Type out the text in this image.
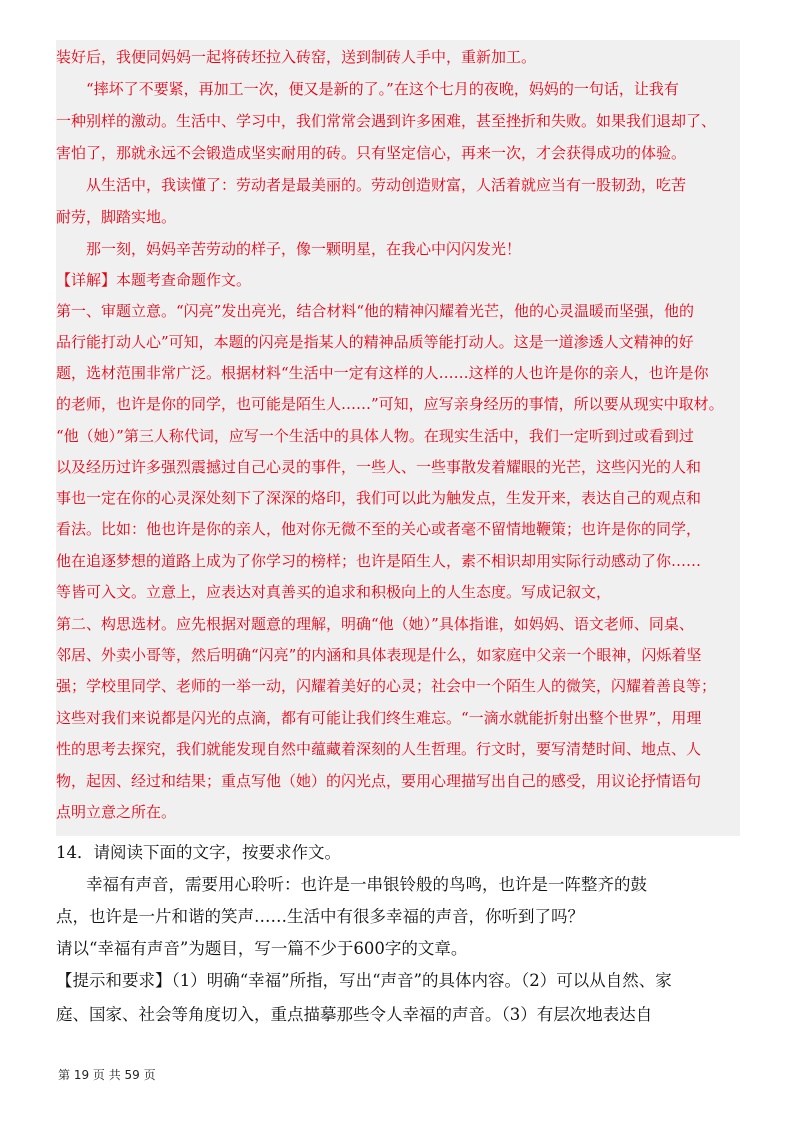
装好后，我便同妈妈一起将砖坯拉入砖窑，送到制砖人手中，重新加工。
“摔坏了不要紧，再加工一次，便又是新的了。”在这个七月的夜晚，妈妈的一句话，让我有
一种别样的激动。生活中、学习中，我们常常会遇到许多困难，甚至挫折和失败。如果我们退却了、
害怕了，那就永远不会锻造成坚实耐用的砖。只有坚定信心，再来一次，才会获得成功的体验。
从生活中，我读懂了：劳动者是最美丽的。劳动创造财富，人活着就应当有一股韧劲，吃苦
耐劳，脚踏实地。
那一刻，妈妈辛苦劳动的样子，像一颗明星，在我心中闪闪发光！
【详解】本题考查命题作文。
第一、审题立意。“闪亮”发出亮光，结合材料“他的精神闪耀着光芒，他的心灵温暖而坚强，他的
品行能打动人心”可知，本题的闪亮是指某人的精神品质等能打动人。这是一道渗透人文精神的好
题，选材范围非常广泛。根据材料“生活中一定有这样的人……这样的人也许是你的亲人，也许是你
的老师，也许是你的同学，也可能是陌生人……”可知，应写亲身经历的事情，所以要从现实中取材。
“他（她）”第三人称代词，应写一个生活中的具体人物。在现实生活中，我们一定听到过或看到过
以及经历过许多强烈震撼过自己心灵的事件，一些人、一些事散发着耀眼的光芒，这些闪光的人和
事也一定在你的心灵深处刻下了深深的烙印，我们可以此为触发点，生发开来，表达自己的观点和
看法。比如：他也许是你的亲人，他对你无微不至的关心或者毫不留情地鞭策；也许是你的同学，
他在追逐梦想的道路上成为了你学习的榜样；也许是陌生人，素不相识却用实际行动感动了你……
等皆可入文。立意上，应表达对真善买的追求和积极向上的人生态度。写成记叙文，
第二、构思选材。应先根据对题意的理解，明确“他（她）”具体指谁，如妈妈、语文老师、同桌、
邻居、外卖小哥等，然后明确“闪亮”的内涵和具体表现是什么，如家庭中父亲一个眼神，闪烁着坚
强；学校里同学、老师的一举一动，闪耀着美好的心灵；社会中一个陌生人的微笑，闪耀着善良等；
这些对我们来说都是闪光的点滴，都有可能让我们终生难忘。“一滴水就能折射出整个世界”，用理
性的思考去探究，我们就能发现自然中蕴藏着深刻的人生哲理。行文时，要写清楚时间、地点、人
物，起因、经过和结果；重点写他（她）的闪光点，要用心理描写出自己的感受，用议论抒情语句
点明立意之所在。
14．请阅读下面的文字，按要求作文。
幸福有声音，需要用心聆听：也许是一串银铃般的鸟鸣，也许是一阵整齐的鼓
点，也许是一片和谐的笑声……生活中有很多幸福的声音，你听到了吗？
请以“幸福有声音”为题目，写一篇不少于600字的文章。
【提示和要求】（1）明确“幸福”所指，写出“声音”的具体内容。（2）可以从自然、家
庭、国家、社会等角度切入，重点描摹那些令人幸福的声音。（3）有层次地表达自
第 19 页 共 59 页
